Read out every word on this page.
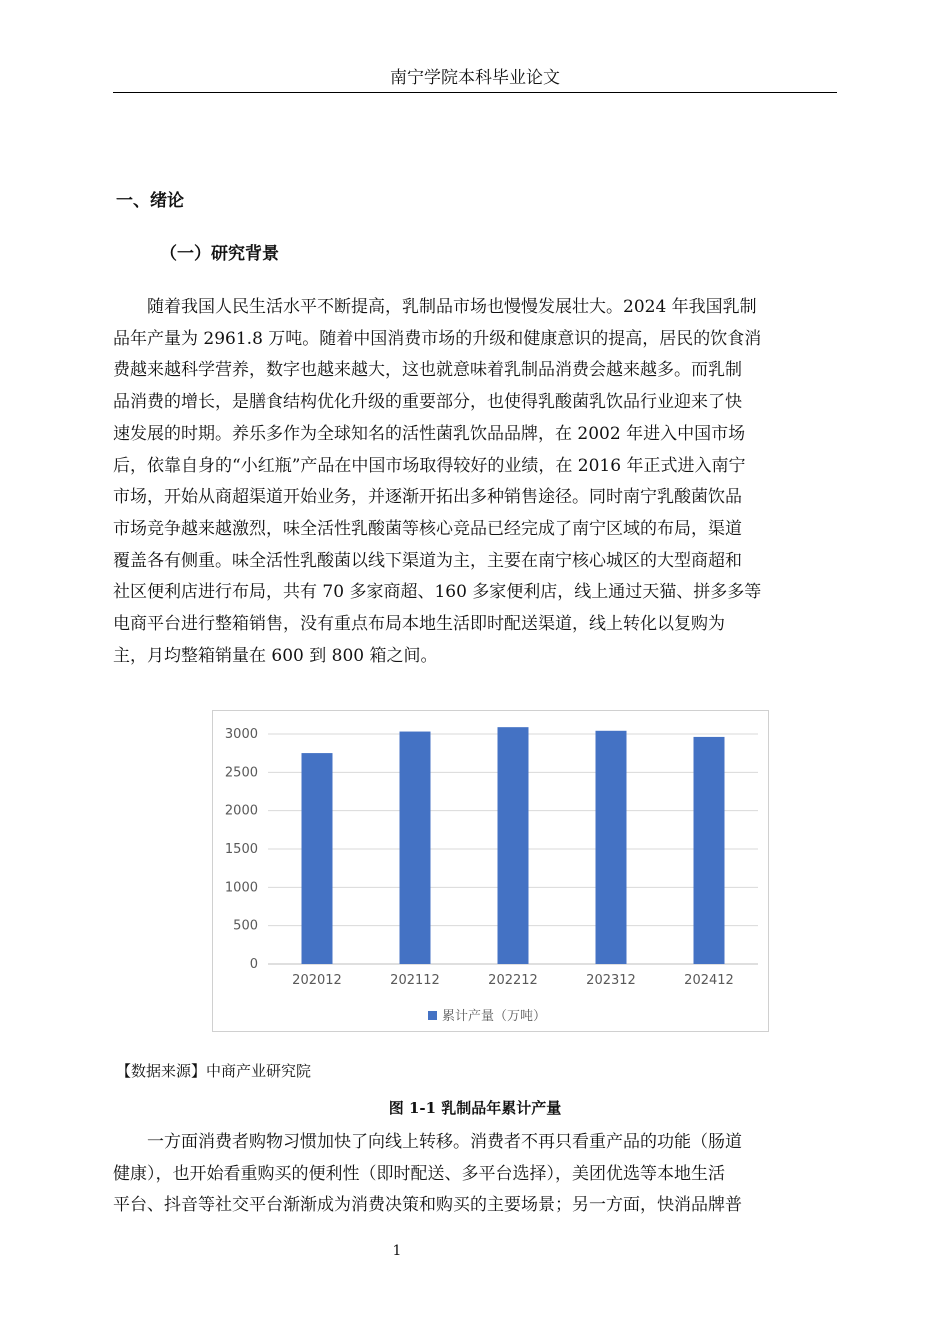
南宁学院本科毕业论文
一、绪论
（一）研究背景
随着我国人民生活水平不断提高，乳制品市场也慢慢发展壮大。2024 年我国乳制
品年产量为 2961.8 万吨。随着中国消费市场的升级和健康意识的提高，居民的饮食消
费越来越科学营养，数字也越来越大，这也就意味着乳制品消费会越来越多。而乳制
品消费的增长，是膳食结构优化升级的重要部分，也使得乳酸菌乳饮品行业迎来了快
速发展的时期。养乐多作为全球知名的活性菌乳饮品品牌，在 2002 年进入中国市场
后，依靠自身的“小红瓶”产品在中国市场取得较好的业绩，在 2016 年正式进入南宁
市场，开始从商超渠道开始业务，并逐渐开拓出多种销售途径。同时南宁乳酸菌饮品
市场竞争越来越激烈，味全活性乳酸菌等核心竞品已经完成了南宁区域的布局，渠道
覆盖各有侧重。味全活性乳酸菌以线下渠道为主，主要在南宁核心城区的大型商超和
社区便利店进行布局，共有 70 多家商超、160 多家便利店，线上通过天猫、拼多多等
电商平台进行整箱销售，没有重点布局本地生活即时配送渠道，线上转化以复购为
主，月均整箱销量在 600 到 800 箱之间。
0
500
1000
1500
2000
2500
3000
202012	202112	202212	202312	202412
累计产量（万吨）
【数据来源】中商产业研究院
图 1-1 乳制品年累计产量
一方面消费者购物习惯加快了向线上转移。消费者不再只看重产品的功能（肠道
健康），也开始看重购买的便利性（即时配送、多平台选择），美团优选等本地生活
平台、抖音等社交平台渐渐成为消费决策和购买的主要场景；另一方面，快消品牌普
1
